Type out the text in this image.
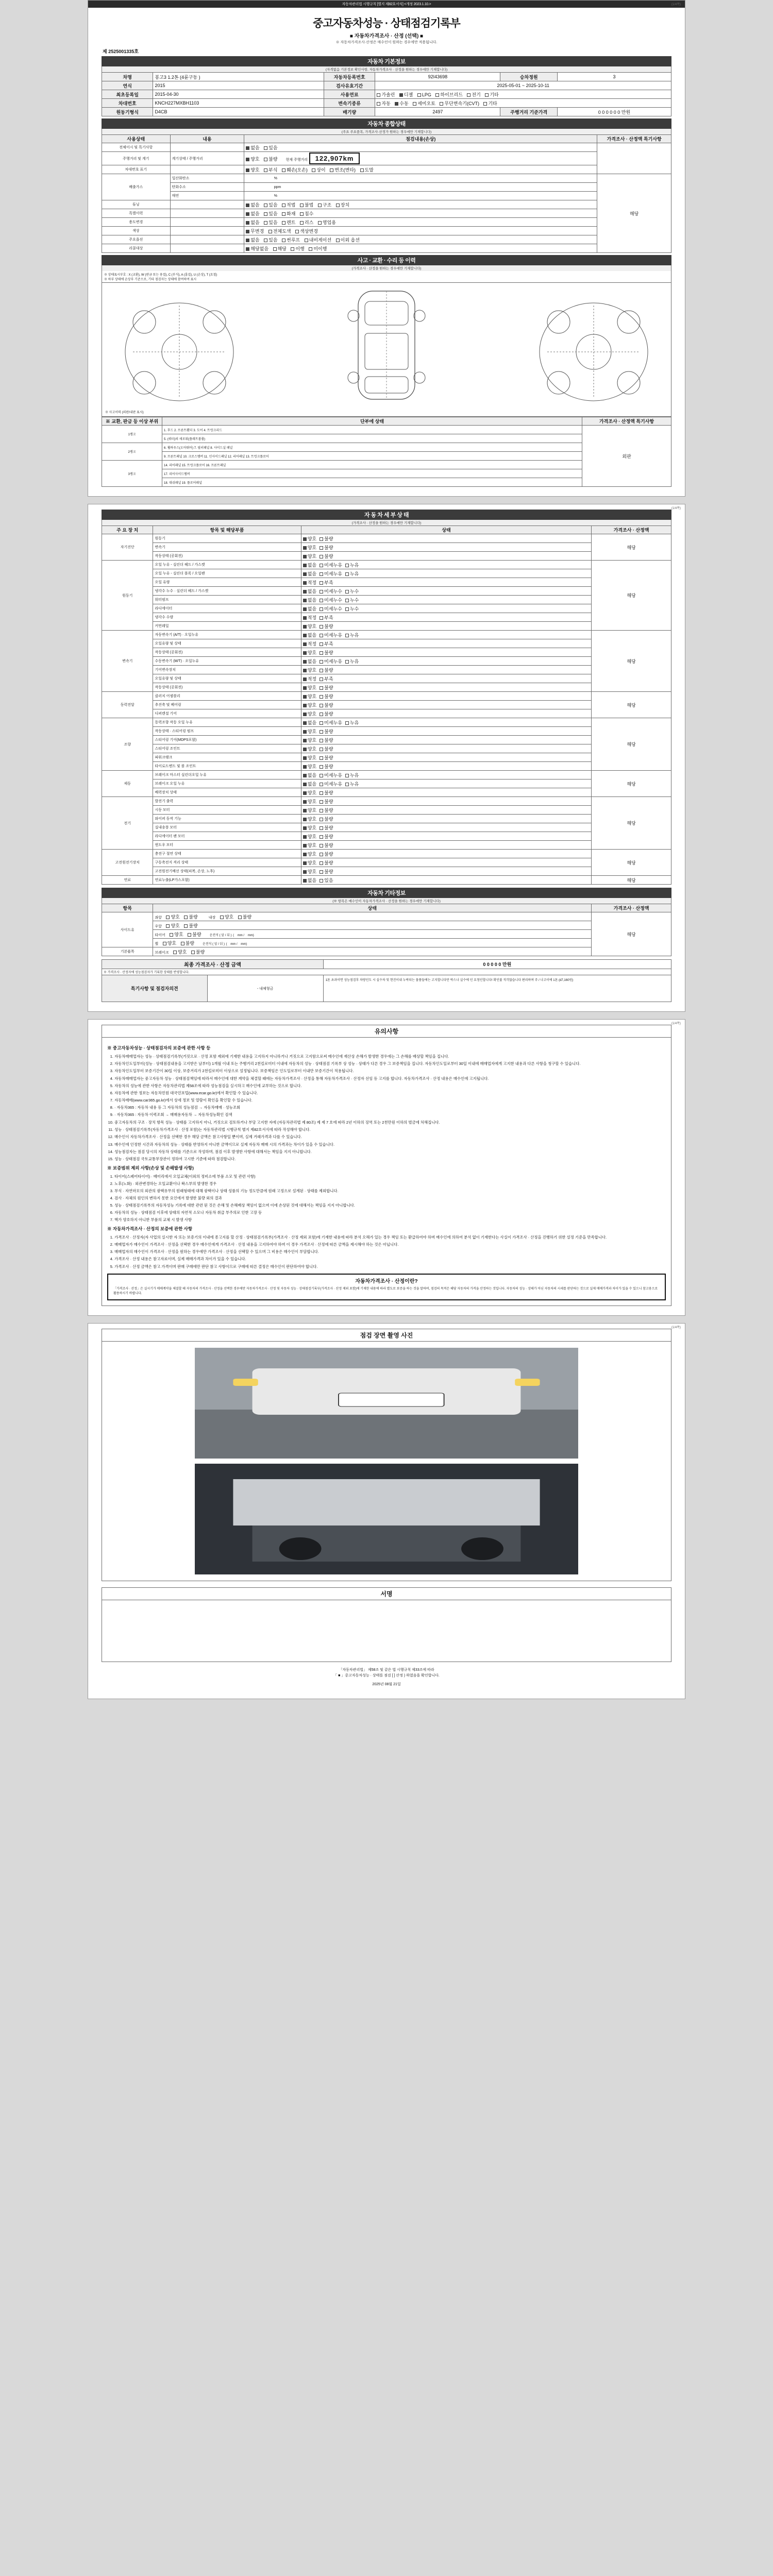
자동차관리법 시행규칙 [별지 제82호서식] <개정 2023.1.10.>	(1/4쪽)
중고자동차성능 · 상태점검기록부
■ 자동차가격조사 · 산정 (선택) ■
※ 자동차가격조사·산정은 매수인이 원하는 경우에만 적용됩니다.
제 2525001335호
자동차 기본정보
(자격없음 기본정보 확인사항, 자동차가격조사 · 산정을 원하는 경우에만 기재합니다)
차명	봉고3 1.2톤 (4륜구동 )	자동차등록번호	92I43698	승차정원	3
연식	2015	검사유효기간	2025-05-01 ~ 2025-10-11		
최초등록일	2015-04-30	사용연료	가솔린 디젤 LPG 하이브리드 전기 기타		
차대번호	KNCH227MXBH1103	변속기종류	자동 수동 세미오토 무단변속기(CVT) 기타		
원동기형식	D4CB	배기량	2497	주행거리 기준가격	0 0 0 0 0 0 만원
자동차 종합상태
(주요 주요품목, 가격조사·산정가 원하는 경우에만 기재합니다)
사용상태	내용	점검내용(손상)	가격조사 · 산정액 특기사항
전체이시 및 특기사항		없음 있음	
주행거리 및 계기	계기상태 / 주행거리	양호 불량 현재 주행거리 122,907km	
차대번호 표기		양호 부식 훼손(오손) 상이 변조(변타) 도말	
배출가스	일산화탄소	%	해당
	탄화수소	ppm	
	매연	%	
튜닝		없음 있음 적법 불법 구조 장치	
특별이력		없음 있음 화재 침수	
용도변경		없음 있음 렌트 리스 영업용	
색상		무변경 전체도색 색상변경	
주요옵션		없음 있음 썬루프 내비게이션 이외 옵션	
리콜대상		해당없음 해당 이행 미이행	
사고 · 교환 · 수리 등 이력
(가격조사 · 산정을 원하는 경우에만 기재합니다)
※ 상태표시부호 : X (교환), W (판금 또는 용접), C (부식), A (흠집), U (손상), T (요철)
※ 하부 상태에 손상부 기준으로, 기타 점검자는 상태에 참여하여 표시
※ 사고이력 (외판/내판 표시)
※ 교환, 판금 등 이상 부위	단부에 상태	가격조사 · 산정액 특기사항
1랭크	1. 후드 2. 프론트휀더 3. 도어 4. 트렁크리드	외판
	5. (쿼터)의 새로워(플래트볼륨)	
2랭크	6. 휠하우스(오아뛰어) 7. 필러패널 8. 사이드실 패널	
	9. 프론트패널 10. 크로스멤버 11. 인사이드패널 12. 리어패널 13. 트렁크플로어	
3랭크	14. 리어패널 15. 트렁크플로어 16. 프론트패널	
	17. 리어사이드멤버	
	18. 대쉬패널 19. 플로어패널	
(1/4쪽)
자 동 차 세 부 상 태
(가격조사 · 산정을 원하는 경우에만 기재합니다)
주 요 장 치	항목 및 해당부품	상태	가격조사 · 산정액
자기진단	원동기	양호 불량	해당
	변속기	양호 불량	
	작동상태 (공회전)	양호 불량	
원동기	오일 누유 - 실린더 헤드 / 가스켓	없음 미세누유 누유	해당
	오일 누유 - 실린더 블록 / 오일팬	없음 미세누유 누유	
	오일 유량	적정 부족	
	냉각수 누수 · 실린더 헤드 / 가스켓	없음 미세누수 누수	
	워터펌프	없음 미세누수 누수	
	라디에이터	없음 미세누수 누수	
	냉각수 수량	적정 부족	
	커먼레일	양호 불량	
변속기	자동변속기 (A/T) · 오일누유	없음 미세누유 누유	해당
	오일유량 및 상태	적정 부족	
	작동상태 (공회전)	양호 불량	
	수동변속기 (M/T) · 오일누유	없음 미세누유 누유	
	기어변속장치	양호 불량	
	오일유량 및 상태	적정 부족	
	작동상태 (공회전)	양호 불량	
동력전달	클러치 어셈블리	양호 불량	해당
	추진축 및 베어링	양호 불량	
	디퍼렌셜 기어	양호 불량	
조향	동력조향 작동 오일 누유	없음 미세누유 누유	해당
	작동상태 · 스티어링 펌프	양호 불량	
	스티어링 기어(MDPS포함)	양호 불량	
	스티어링 조인트	양호 불량	
	파워크랭크	양호 불량	
	타이로드엔드 및 볼 조인트	양호 불량	
제동	브레이크 마스터 실린더오일 누유	없음 미세누유 누유	해당
	브레이크 오일 누유	없음 미세누유 누유	
	배력장치 상태	양호 불량	
전기	발전기 출력	양호 불량	해당
	시동 모터	양호 불량	
	와이퍼 동작 기능	양호 불량	
	실내송풍 모터	양호 불량	
	라디에이터 팬 모터	양호 불량	
	윈도우 모터	양호 불량	
고전원전기장치	충전구 절연 상태	양호 불량	해당
	구동축전지 격리 상태	양호 불량	
	고전원전기배선 상태(피복, 손상, 노후)	양호 불량	
연료	연료누출(LP가스포함)	없음 있음	해당
자동차 기타정보
(※ 항목은 매수인이 자동차가격조사 · 산정을 원하는 경우에만 기재합니다)
항목	상태	가격조사 · 산정액
사이드유	좌앞 양호 불량 내장 양호 불량	해당
	우앞 양호 불량	
	타이어 양호 불량 운전석 ( 앞 / 뒤 ) (    mm /    mm)	
	휠 양호 불량 운전석 ( 앞 / 뒤 ) (    mm /    mm)	
기본품목	브레이크 양호 불량	
최종 가격조사 · 산정 금액		0 0 0 0 0 만원
※ 가격조사 · 산정자에 성능점검자가 기록한 상태를 반영합니다.		
특기사항 및 점검자의견	- 내체형금	1톤 초과이면 성능점검후 차량인도 시 실수차 및 현진이내 누락되는 물품들에는 고지합니다만 박스나 실수에 인 요청인합니다! 확인불 직각않습니다 편리하며 주 / 나고이에 1톤 (d7,160원)
(1/4쪽)
유의사항
※ 중고자동차성능 · 상태점검자의 보증에 관한 사항 등
1. 자동차매매업자는 성능 · 상태점검기록부(거짓으로 · 산정 포함 제외에 기재한 내용을 고지하지 아니하거나 거짓으로 고지함으로써 매수인에 재산상 손해가 발생한 경우에는 그 손해를 배상할 책임을 집니다.
2. 자동차인도일부터(성능 · 상태점검내용을 고지받은 날부터) 1개월 이내 또는 주행거리 2천킬로미터 이내에 자동차의 성능 · 상태점검 기록부 상 성능 · 상태가 다른 경우 그 보증책임을 집니다. 자동차인도일로부터 30일 이내에 매매업자에게 고지한 내용과 다른 사항을 청구할 수 있습니다.
3. 자동차인도일부터 보증기간이 30일 이상, 보증거리가 2천킬로미터 이상으로 설정됩니다. 보증책임은 인도일로부터 이내만 보증기간이 적용됩니다.
4. 자동차매매업자는 중고자동차 성능 · 상태점검책임에 따라서 매수인에 대한 계약을 체결할 때에는 자동차가격조사 · 산정을 통해 자동차가격조사 · 산정자 선임 등 고지를 합니다. 자동차가격조사 · 산정 내용은 매수인에 고지됩니다.
5. 자동차의 성능에 관한 사항은 자동차관리법 제58조에 따라 성능점검을 실시하고 매수인에 교부하는 것으로 합니다.
6. 자동차에 관한 정보는 자동차민원 대국민포털(www.ecar.go.kr)에서 확인할 수 있습니다.
7. 자동차매매(www.car365.go.kr)에서 상세 정보 및 열람이 확인을 확인할 수 있습니다.
8. · 자동차365 : 자동차 내용 등 그 자동차의 성능점검 → 자동차매매 · 성능조회
9. · 자동차365 : 자동차 이력조회 → 매매용자동차 → 자동차성능확인 검색
10. 중고자동차의 구조 · 장치 항목 성능 · 상태를 고지하지 아니, 거짓으로 검토하거나 부당 고지한 자에 (자동차관리법 제 80조) 제 제 7 호에 따라 2년 이하의 징역 또는 2천만원 이하의 벌금에 처해집니다.
11. 성능 · 상태점검기록부(자동차가격조사 · 산정 포함)는 자동차관리법 시행규칙 별지 제82호서식에 따라 작성해야 합니다.
12. 매수인이 자동차가격조사 · 산정을 선택한 경우 해당 금액은 참고사항일 뿐이며, 실제 거래가격과 다를 수 있습니다.
13. 매수인에 인정한 시간과 자동차의 성능 · 상태를 반영하지 아니한 금액이므로 실제 자동차 매매 시의 가격과는 차이가 있을 수 있습니다.
14. 성능점검자는 점검 당시의 자동차 상태를 기준으로 작성하며, 점검 이후 발생한 사항에 대해서는 책임을 지지 아니합니다.
15. 성능 · 상태점검 국토교통부장관이 정하여 고시한 기준에 따라 점검합니다.
※ 보증범위 제외 사항(손상 및 손해발생 사항)
1. 타이어(스페어타이어) · 배터리에서 오일교체(이외의 정비소에 부품 소모 및 관련 사항)
2. 노후(노화) · 외관변경하는 오일교환이나 왁스부의 발생한 경우
3. 부식 · 자연마모의 외관의 광택유무의 원래형태에 대해 광택이나 상태 성품의 기능 정도만큼에 원래 고정으로 설계된 · 상태를 제외합니다.
4. 검사 · 자체의 원인의 변하지 못한 요인에서 발생한 불량 외의 결과
5. 성능 · 상태점검기록부의 자동차성능 기록에 대한 관련 된 것은 손해 및 손해배상 책임이 없으며 이에 손상된 것에 대해서는 책임을 지지 아니합니다.
6. 자동차의 성능 · 상태점검 이후에 상태의 자연적 소모나 자동차 취급 부주의로 인한 고장 등
7. 핵가 양호하지 아니한 부품의 교체 시 발생 사항
※ 자동차가격조사 · 산정의 보증에 관한 사항
1. 가격조사 · 산정자(자 사업의 실시한 자 또는 보증기의 이내에 종고지를 할 산정 · 상태점검기록부(가격조사 · 산정 제외 포함)에 기재한 내용에 따라 분석 오해가 있는 경우 책임 또는 환급하여야 하며 매수인에 의하여 분석 없이 기재한다는 사실이 가격조사 · 산정을 진행하기 위한 설정 기준을 만족합니다.
2. 매매업자가 매수인이 가격조사 · 산정을 선택한 경우 매수인에게 가격조사 · 산정 내용을 고지하여야 하며 이 경우 가격조사 · 산정에 따른 금액을 제시해야 하는 것은 아닙니다.
3. 매매업자의 매수인이 가격조사 · 산정을 원하는 경우에만 가격조사 · 산정을 선택할 수 있으며 그 비용은 매수인이 부담합니다.
4. 가격조사 · 산정 내용은 참고자료이며, 실제 매매가격과 차이가 있을 수 있습니다.
5. 가격조사 · 산정 금액은 참고 가격이며 판매 구매에만 판단 참고 사항이므로 구매에 따른 결정은 매수인이 판단하여야 합니다.
자동차가격조사 · 산정이란?
「가격조사 · 산정」은 실시기가 매매계약을 체결할 때 자동차의 가격조사 · 산정을 선택한 경우에만 자동차가격조사 · 산정 및 자동차 성능 · 상태점검기록부(가격조사 · 산정 제외 포함)에 기재한 내용에 따라 별도로 보증을 하는 것을 말하며, 점검의 목적은 해당 자동차의 가격을 산정하는 것입니다. 자동차의 성능 · 상태가 아닌 자동차의 시세를 판단하는 것으로 실제 매매가격과 차이가 있을 수 있으니 참고용으로 활용하시기 바랍니다.
(1/4쪽)
점검 장면 촬영 사진
서명
「자동차관리법」 제58조 및 같은 법 시행규칙 제33조에 따라
「 ■ 」중고자동차성능 · 상태를 점검 [ ] 산정 ) 하였음을 확인합니다.
2025년 08월 21일
